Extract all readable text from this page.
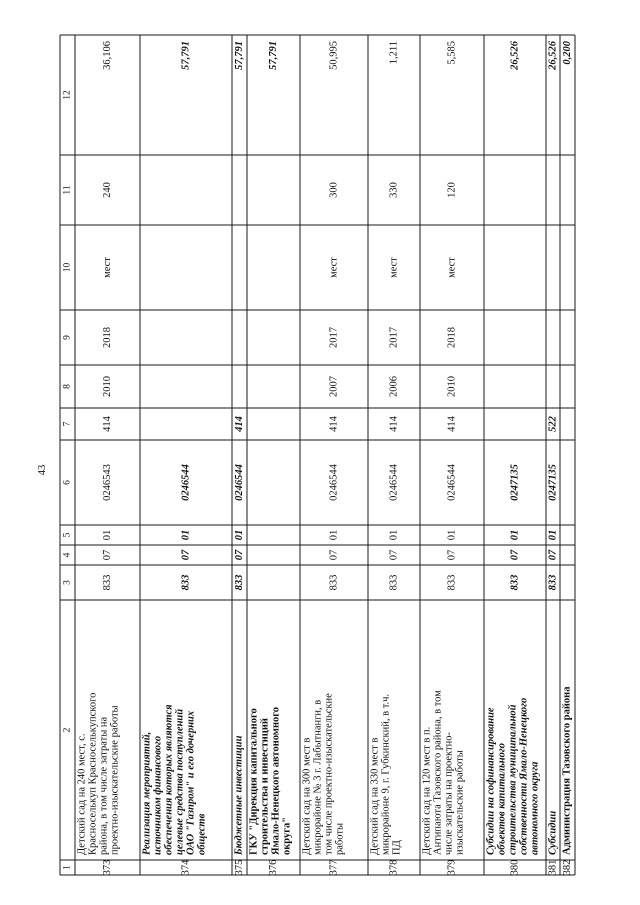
43
1
2
3
4
5
6
7
8
9
10
11
12
373
Детский сад на 240 мест, с. Красноселькуп Красноселькупского района, в том числе затраты на проектно-изыскательские работы
833
07
01
0246543
414
2010
2018
мест
240
36,106
374
Реализация мероприятий, источником финансового обеспечения которых являются целевые средства поступлений ОАО "Газпром" и его дочерних обществ
833
07
01
0246544
57,791
375
Бюджетные инвестиции
833
07
01
0246544
414
57,791
376
ГКУ "Дирекция капитального строительства и инвестиций Ямало-Ненецкого автономного округа"
57,791
377
Детский сад на 300 мест в микрорайоне № 3 г. Лабытнанги, в том числе проектно-изыскательские работы
833
07
01
0246544
414
2007
2017
мест
300
50,995
378
Детский сад на 330 мест в микрорайоне 9, г. Губкинский, в т.ч. ПД
833
07
01
0246544
414
2006
2017
мест
330
1,211
379
Детский сад на 120 мест в п. Антипаюта Тазовского района, в том числе затраты на проектно- изыскательские работы
833
07
01
0246544
414
2010
2018
мест
120
5,585
380
Субсидии на софинансирование объектов капитального строительства муниципальной собственности Ямало-Ненецкого автономного округа
833
07
01
0247135
26,526
381
Субсидии
833
07
01
0247135
522
26,526
382
Администрация Тазовского района
0,200
